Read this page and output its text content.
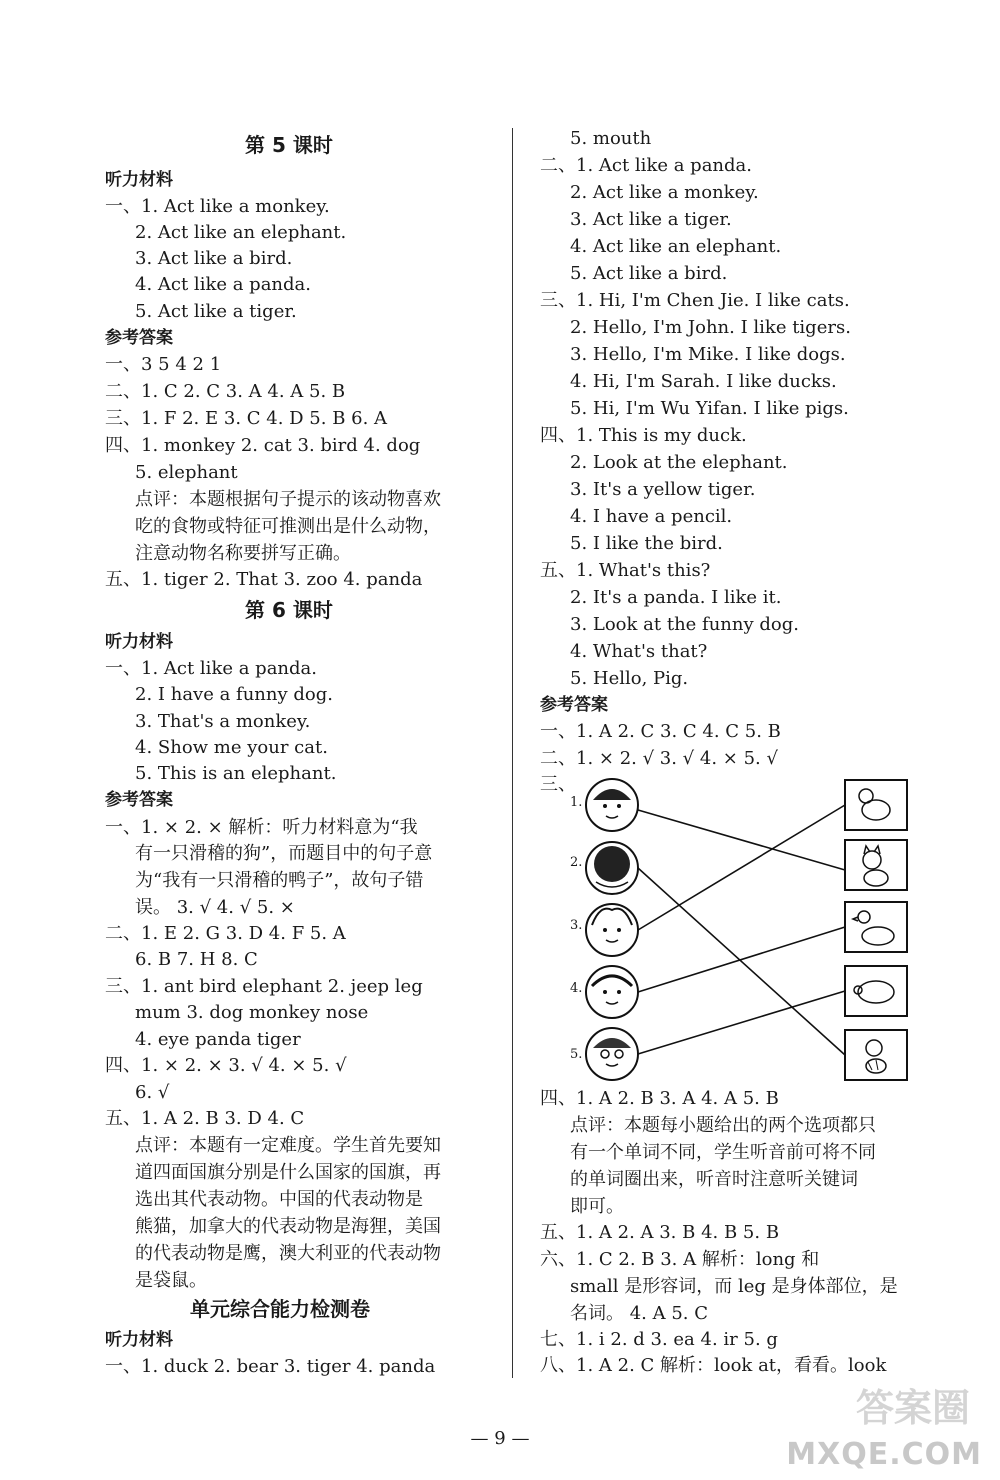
第 5 课时
听力材料
一、1. Act like a monkey.
2. Act like an elephant.
3. Act like a bird.
4. Act like a panda.
5. Act like a tiger.
参考答案
一、3 5 4 2 1
二、1. C 2. C 3. A 4. A 5. B
三、1. F 2. E 3. C 4. D 5. B 6. A
四、1. monkey 2. cat 3. bird 4. dog
5. elephant
点评：本题根据句子提示的该动物喜欢
吃的食物或特征可推测出是什么动物，
注意动物名称要拼写正确。
五、1. tiger 2. That 3. zoo 4. panda
第 6 课时
听力材料
一、1. Act like a panda.
2. I have a funny dog.
3. That's a monkey.
4. Show me your cat.
5. This is an elephant.
参考答案
一、1. × 2. × 解析：听力材料意为“我
有一只滑稽的狗”，而题目中的句子意
为“我有一只滑稽的鸭子”，故句子错
误。 3. √ 4. √ 5. ×
二、1. E 2. G 3. D 4. F 5. A
6. B 7. H 8. C
三、1. ant bird elephant 2. jeep leg
mum 3. dog monkey nose
4. eye panda tiger
四、1. × 2. × 3. √ 4. × 5. √
6. √
五、1. A 2. B 3. D 4. C
点评：本题有一定难度。学生首先要知
道四面国旗分别是什么国家的国旗，再
选出其代表动物。中国的代表动物是
熊猫，加拿大的代表动物是海狸，美国
的代表动物是鹰，澳大利亚的代表动物
是袋鼠。
单元综合能力检测卷
听力材料
一、1. duck 2. bear 3. tiger 4. panda
5. mouth
二、1. Act like a panda.
2. Act like a monkey.
3. Act like a tiger.
4. Act like an elephant.
5. Act like a bird.
三、1. Hi, I'm Chen Jie. I like cats.
2. Hello, I'm John. I like tigers.
3. Hello, I'm Mike. I like dogs.
4. Hi, I'm Sarah. I like ducks.
5. Hi, I'm Wu Yifan. I like pigs.
四、1. This is my duck.
2. Look at the elephant.
3. It's a yellow tiger.
4. I have a pencil.
5. I like the bird.
五、1. What's this?
2. It's a panda. I like it.
3. Look at the funny dog.
4. What's that?
5. Hello, Pig.
参考答案
一、1. A 2. C 3. C 4. C 5. B
二、1. × 2. √ 3. √ 4. × 5. √
三、
1.
2.
3.
4.
5.
四、1. A 2. B 3. A 4. A 5. B
点评：本题每小题给出的两个选项都只
有一个单词不同，学生听音前可将不同
的单词圈出来，听音时注意听关键词
即可。
五、1. A 2. A 3. B 4. B 5. B
六、1. C 2. B 3. A 解析：long 和
small 是形容词，而 leg 是身体部位，是
名词。 4. A 5. C
七、1. i 2. d 3. ea 4. ir 5. g
八、1. A 2. C 解析：look at，看看。look
— 9 —
答案圈
MXQE.COM
